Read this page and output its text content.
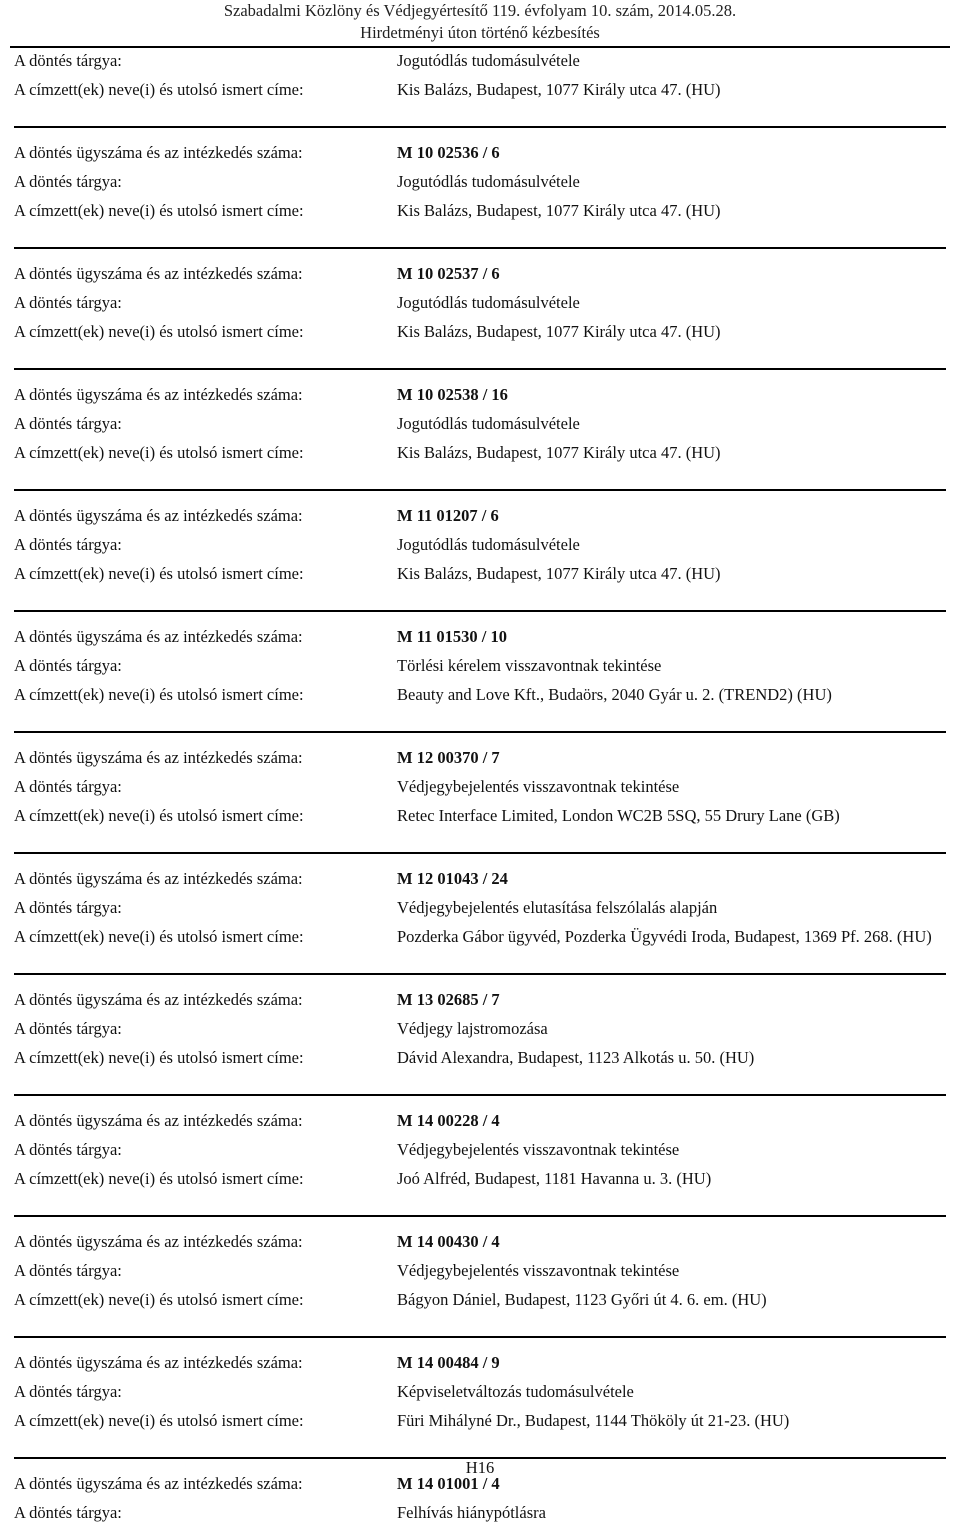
Szabadalmi Közlöny és Védjegyértesítő 119. évfolyam 10. szám, 2014.05.28.
Hirdetményi úton történő kézbesítés
A döntés tárgya:	Jogutódlás tudomásulvétele
A címzett(ek) neve(i) és utolsó ismert címe:	Kis Balázs, Budapest, 1077 Király utca 47. (HU)
A döntés ügyszáma és az intézkedés száma:	M 10 02536 / 6
A döntés tárgya:	Jogutódlás tudomásulvétele
A címzett(ek) neve(i) és utolsó ismert címe:	Kis Balázs, Budapest, 1077 Király utca 47. (HU)
A döntés ügyszáma és az intézkedés száma:	M 10 02537 / 6
A döntés tárgya:	Jogutódlás tudomásulvétele
A címzett(ek) neve(i) és utolsó ismert címe:	Kis Balázs, Budapest, 1077 Király utca 47. (HU)
A döntés ügyszáma és az intézkedés száma:	M 10 02538 / 16
A döntés tárgya:	Jogutódlás tudomásulvétele
A címzett(ek) neve(i) és utolsó ismert címe:	Kis Balázs, Budapest, 1077 Király utca 47. (HU)
A döntés ügyszáma és az intézkedés száma:	M 11 01207 / 6
A döntés tárgya:	Jogutódlás tudomásulvétele
A címzett(ek) neve(i) és utolsó ismert címe:	Kis Balázs, Budapest, 1077 Király utca 47. (HU)
A döntés ügyszáma és az intézkedés száma:	M 11 01530 / 10
A döntés tárgya:	Törlési kérelem visszavontnak tekintése
A címzett(ek) neve(i) és utolsó ismert címe:	Beauty and Love Kft., Budaörs, 2040 Gyár u. 2. (TREND2) (HU)
A döntés ügyszáma és az intézkedés száma:	M 12 00370 / 7
A döntés tárgya:	Védjegybejelentés visszavontnak tekintése
A címzett(ek) neve(i) és utolsó ismert címe:	Retec Interface Limited, London WC2B 5SQ, 55 Drury Lane (GB)
A döntés ügyszáma és az intézkedés száma:	M 12 01043 / 24
A döntés tárgya:	Védjegybejelentés elutasítása felszólalás alapján
A címzett(ek) neve(i) és utolsó ismert címe:	Pozderka Gábor ügyvéd, Pozderka Ügyvédi Iroda, Budapest, 1369 Pf. 268. (HU)
A döntés ügyszáma és az intézkedés száma:	M 13 02685 / 7
A döntés tárgya:	Védjegy lajstromozása
A címzett(ek) neve(i) és utolsó ismert címe:	Dávid Alexandra, Budapest, 1123 Alkotás u. 50. (HU)
A döntés ügyszáma és az intézkedés száma:	M 14 00228 / 4
A döntés tárgya:	Védjegybejelentés visszavontnak tekintése
A címzett(ek) neve(i) és utolsó ismert címe:	Joó Alfréd, Budapest, 1181 Havanna u. 3. (HU)
A döntés ügyszáma és az intézkedés száma:	M 14 00430 / 4
A döntés tárgya:	Védjegybejelentés visszavontnak tekintése
A címzett(ek) neve(i) és utolsó ismert címe:	Bágyon Dániel, Budapest, 1123 Győri út 4. 6. em. (HU)
A döntés ügyszáma és az intézkedés száma:	M 14 00484 / 9
A döntés tárgya:	Képviseletváltozás tudomásulvétele
A címzett(ek) neve(i) és utolsó ismert címe:	Füri Mihályné Dr., Budapest, 1144 Thököly út 21-23. (HU)
A döntés ügyszáma és az intézkedés száma:	M 14 01001 / 4
A döntés tárgya:	Felhívás hiánypótlásra
H16
